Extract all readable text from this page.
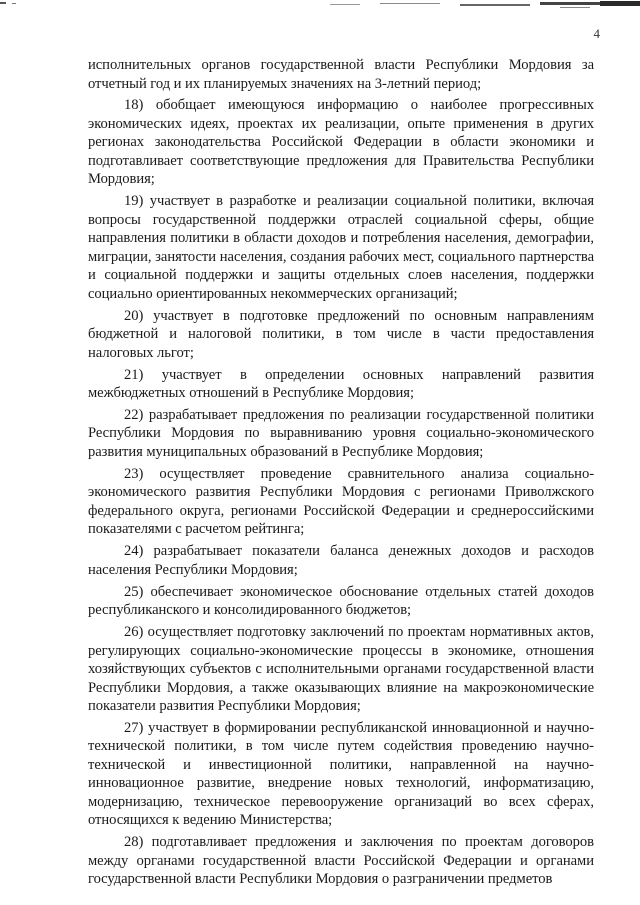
4

исполнительных органов государственной власти Республики Мордовия за отчетный год и их планируемых значениях на 3-летний период;

18) обобщает имеющуюся информацию о наиболее прогрессивных экономических идеях, проектах их реализации, опыте применения в других регионах законодательства Российской Федерации в области экономики и подготавливает соответствующие предложения для Правительства Республики Мордовия;

19) участвует в разработке и реализации социальной политики, включая вопросы государственной поддержки отраслей социальной сферы, общие направления политики в области доходов и потребления населения, демографии, миграции, занятости населения, создания рабочих мест, социального партнерства и социальной поддержки и защиты отдельных слоев населения, поддержки социально ориентированных некоммерческих организаций;

20) участвует в подготовке предложений по основным направлениям бюджетной и налоговой политики, в том числе в части предоставления налоговых льгот;

21) участвует в определении основных направлений развития межбюджетных отношений в Республике Мордовия;

22) разрабатывает предложения по реализации государственной политики Республики Мордовия по выравниванию уровня социально-экономического развития муниципальных образований в Республике Мордовия;

23) осуществляет проведение сравнительного анализа социально-экономического развития Республики Мордовия с регионами Приволжского федерального округа, регионами Российской Федерации и среднероссийскими показателями с расчетом рейтинга;

24) разрабатывает показатели баланса денежных доходов и расходов населения Республики Мордовия;

25) обеспечивает экономическое обоснование отдельных статей доходов республиканского и консолидированного бюджетов;

26) осуществляет подготовку заключений по проектам нормативных актов, регулирующих социально-экономические процессы в экономике, отношения хозяйствующих субъектов с исполнительными органами государственной власти Республики Мордовия, а также оказывающих влияние на макроэкономические показатели развития Республики Мордовия;

27) участвует в формировании республиканской инновационной и научно-технической политики, в том числе путем содействия проведению научно-технической и инвестиционной политики, направленной на научно-инновационное развитие, внедрение новых технологий, информатизацию, модернизацию, техническое перевооружение организаций во всех сферах, относящихся к ведению Министерства;

28) подготавливает предложения и заключения по проектам договоров между органами государственной власти Российской Федерации и органами государственной власти Республики Мордовия о разграничении предметов
